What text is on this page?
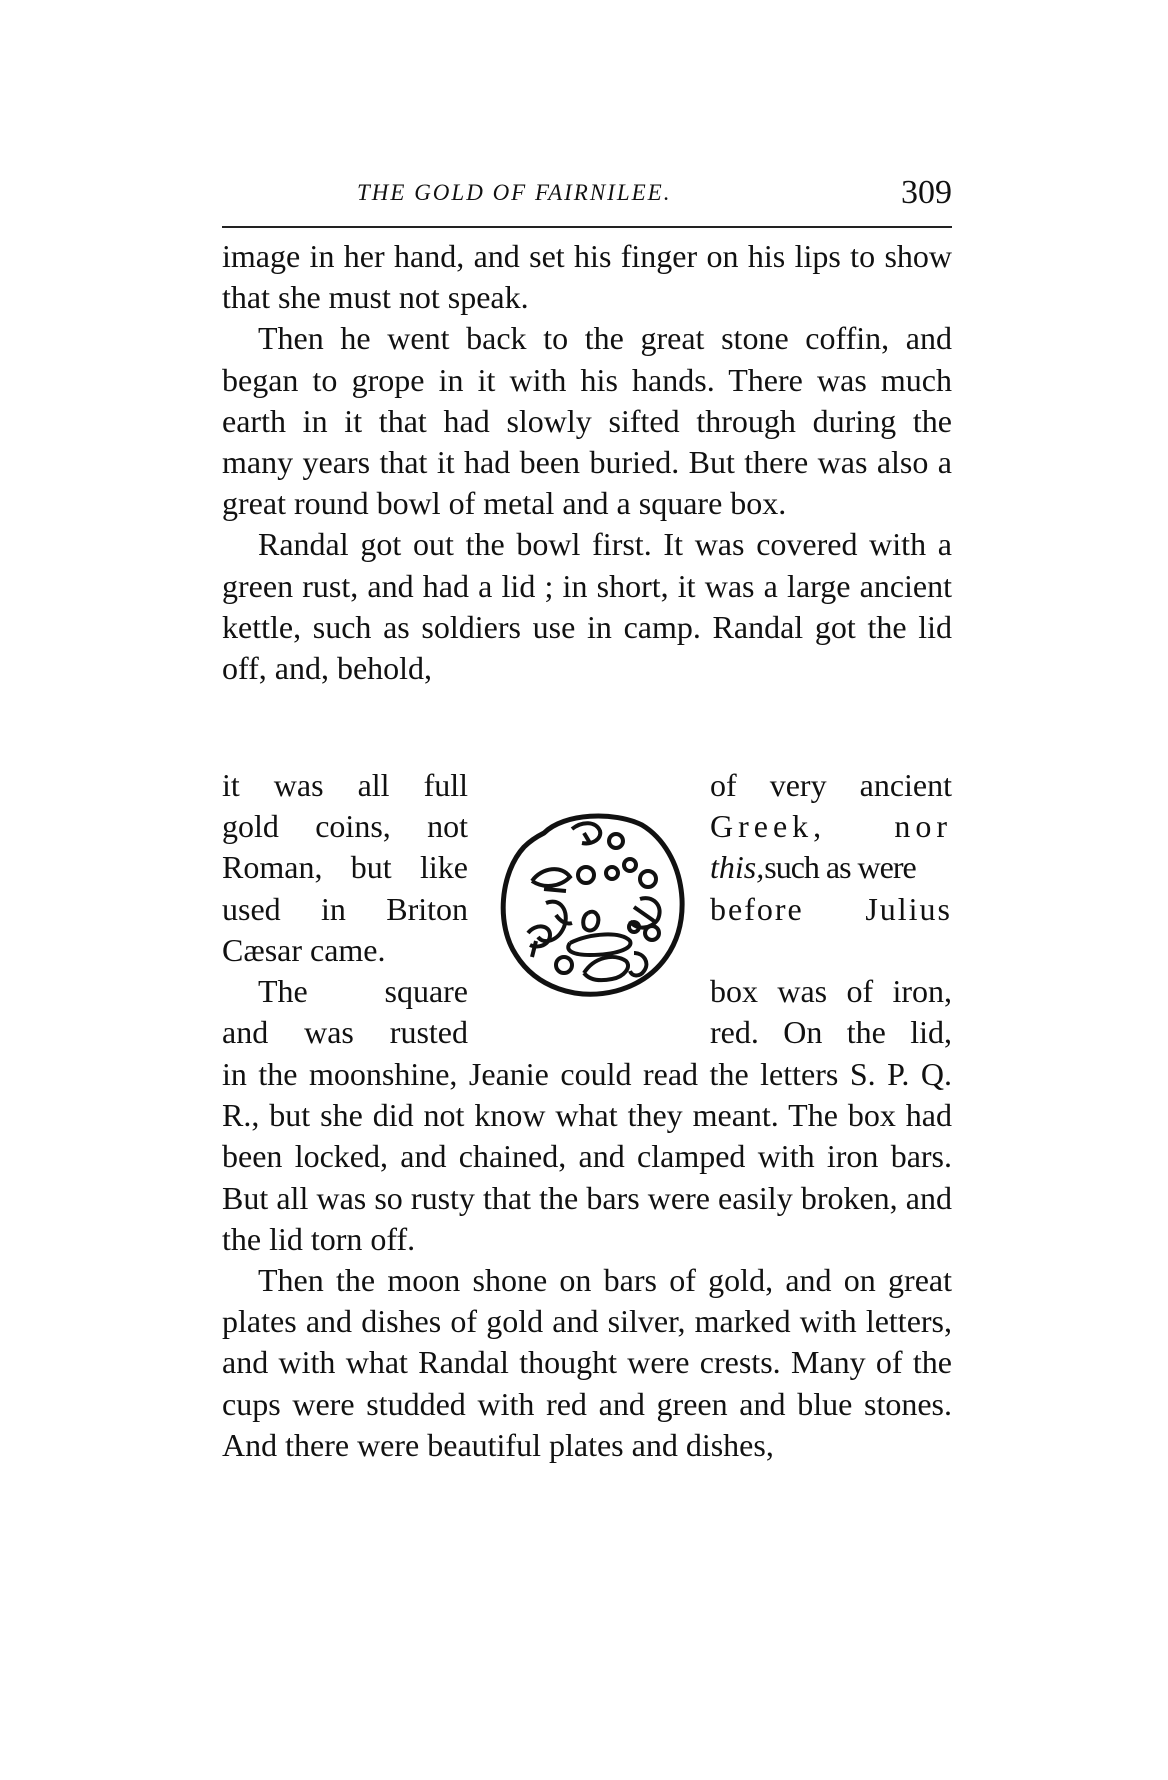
THE GOLD OF FAIRNILEE.	309

image in her hand, and set his finger on his lips to show that she must not speak.

Then he went back to the great stone coffin, and began to grope in it with his hands. There was much earth in it that had slowly sifted through during the many years that it had been buried. But there was also a great round bowl of metal and a square box.

Randal got out the bowl first. It was covered with a green rust, and had a lid ; in short, it was a large ancient kettle, such as soldiers use in camp. Randal got the lid off, and, behold,

it was all full
gold coins, not
Roman, but like
used in Briton
Cæsar came.
The square
and was rusted
of very ancient
Greek, nor
this,such as were
before Julius

box was of iron,
red. On the lid,

in the moonshine, Jeanie could read the letters S. P. Q. R., but she did not know what they meant. The box had been locked, and chained, and clamped with iron bars. But all was so rusty that the bars were easily broken, and the lid torn off.

Then the moon shone on bars of gold, and on great plates and dishes of gold and silver, marked with letters, and with what Randal thought were crests. Many of the cups were studded with red and green and blue stones. And there were beautiful plates and dishes,
